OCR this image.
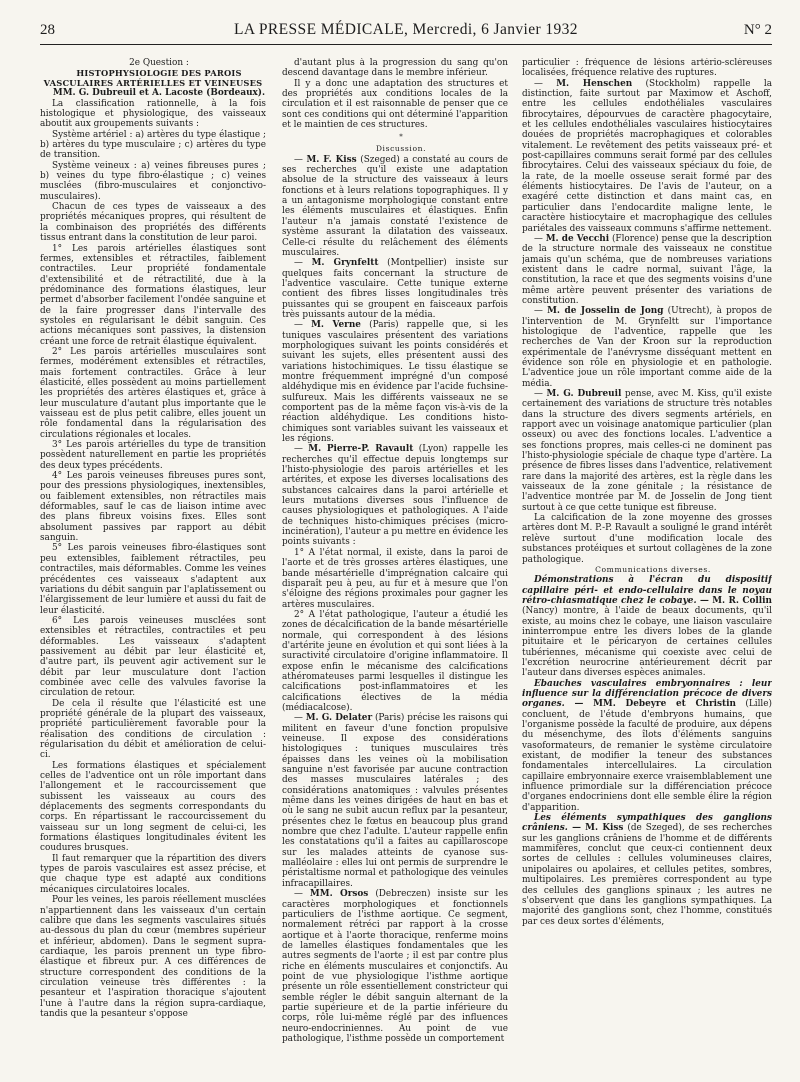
28	LA PRESSE MÉDICALE, Mercredi, 6 Janvier 1932	N° 2

2e Question :

HISTOPHYSIOLOGIE DES PAROIS VASCULAIRES ARTÉRIELLES ET VEINEUSES

MM. G. Dubreuil et A. Lacoste (Bordeaux).

La classification rationnelle, à la fois histologique et physiologique, des vaisseaux aboutit aux groupements suivants :

Système artériel : a) artères du type élastique ; b) artères du type musculaire ; c) artères du type de transition.

Système veineux : a) veines fibreuses pures ; b) veines du type fibro-élastique ; c) veines musclées (fibro-musculaires et conjonctivo-musculaires).

Chacun de ces types de vaisseaux a des propriétés mécaniques propres, qui résultent de la combinaison des propriétés des différents tissus entrant dans la constitution de leur paroi.

1° Les parois artérielles élastiques sont fermes, extensibles et rétractiles, faiblement contractiles. Leur propriété fondamentale d'extensibilité et de rétractilité, due à la prédominance des formations élastiques, leur permet d'absorber facilement l'ondée sanguine et de la faire progresser dans l'intervalle des systoles en régularisant le débit sanguin. Ces actions mécaniques sont passives, la distension créant une force de retrait élastique équivalent.

2° Les parois artérielles musculaires sont fermes, modérément extensibles et rétractiles, mais fortement contractiles. Grâce à leur élasticité, elles possèdent au moins partiellement les propriétés des artères élastiques et, grâce à leur musculature d'autant plus importante que le vaisseau est de plus petit calibre, elles jouent un rôle fondamental dans la régularisation des circulations régionales et locales.

3° Les parois artérielles du type de transition possèdent naturellement en partie les propriétés des deux types précédents.

4° Les parois veineuses fibreuses pures sont, pour des pressions physiologiques, inextensibles, ou faiblement extensibles, non rétractiles mais déformables, sauf le cas de liaison intime avec des plans fibreux voisins fixes. Elles sont absolument passives par rapport au débit sanguin.

5° Les parois veineuses fibro-élastiques sont peu extensibles, faiblement rétractiles, peu contractiles, mais déformables. Comme les veines précédentes ces vaisseaux s'adaptent aux variations du débit sanguin par l'aplatissement ou l'élargissement de leur lumière et aussi du fait de leur élasticité.

6° Les parois veineuses musclées sont extensibles et rétractiles, contractiles et peu déformables. Les vaisseaux s'adaptent passivement au débit par leur élasticité et, d'autre part, ils peuvent agir activement sur le débit par leur musculature dont l'action combinée avec celle des valvules favorise la circulation de retour.

De cela il résulte que l'élasticité est une propriété générale de la plupart des vaisseaux, propriété particulièrement favorable pour la réalisation des conditions de circulation : régularisation du débit et amélioration de celui-ci.

Les formations élastiques et spécialement celles de l'adventice ont un rôle important dans l'allongement et le raccourcissement que subissent les vaisseaux au cours des déplacements des segments correspondants du corps. En répartissant le raccourcissement du vaisseau sur un long segment de celui-ci, les formations élastiques longitudinales évitent les coudures brusques.

Il faut remarquer que la répartition des divers types de parois vasculaires est assez précise, et que chaque type est adapté aux conditions mécaniques circulatoires locales.

Pour les veines, les parois réellement musclées n'appartiennent dans les vaisseaux d'un certain calibre que dans les segments vasculaires situés au-dessous du plan du cœur (membres supérieur et inférieur, abdomen). Dans le segment supra-cardiaque, les parois prennent un type fibro-élastique et fibreux pur. A ces différences de structure correspondent des conditions de la circulation veineuse très différentes : la pesanteur et l'aspiration thoracique s'ajoutent l'une à l'autre dans la région supra-cardiaque, tandis que la pesanteur s'oppose

d'autant plus à la progression du sang qu'on descend davantage dans le membre inférieur.

Il y a donc une adaptation des structures et des propriétés aux conditions locales de la circulation et il est raisonnable de penser que ce sont ces conditions qui ont déterminé l'apparition et le maintien de ces structures.

*

Discussion.

— M. F. Kiss (Szeged) a constaté au cours de ses recherches qu'il existe une adaptation absolue de la structure des vaisseaux à leurs fonctions et à leurs relations topographiques. Il y a un antagonisme morphologique constant entre les éléments musculaires et élastiques. Enfin l'auteur n'a jamais constaté l'existence de système assurant la dilatation des vaisseaux. Celle-ci résulte du relâchement des éléments musculaires.

— M. Grynfeltt (Montpellier) insiste sur quelques faits concernant la structure de l'adventice vasculaire. Cette tunique externe contient des fibres lisses longitudinales très puissantes qui se groupent en faisceaux parfois très puissants autour de la média.

— M. Verne (Paris) rappelle que, si les tuniques vasculaires présentent des variations morphologiques suivant les points considérés et suivant les sujets, elles présentent aussi des variations histochimiques. Le tissu élastique se montre fréquemment imprégné d'un composé aldéhydique mis en évidence par l'acide fuchsine-sulfureux. Mais les différents vaisseaux ne se comportent pas de la même façon vis-à-vis de la réaction aldéhydique. Les conditions histo-chimiques sont variables suivant les vaisseaux et les régions.

— M. Pierre-P. Ravault (Lyon) rappelle les recherches qu'il effectue depuis longtemps sur l'histo-physiologie des parois artérielles et les artérites, et expose les diverses localisations des substances calcaires dans la paroi artérielle et leurs mutations diverses sous l'influence de causes physiologiques et pathologiques. A l'aide de techniques histo-chimiques précises (micro-incinération), l'auteur a pu mettre en évidence les points suivants :

1° A l'état normal, il existe, dans la paroi de l'aorte et de très grosses artères élastiques, une bande mésartérielle d'imprégnation calcaire qui disparaît peu à peu, au fur et à mesure que l'on s'éloigne des régions proximales pour gagner les artères musculaires.

2° A l'état pathologique, l'auteur a étudié les zones de décalcification de la bande mésartérielle normale, qui correspondent à des lésions d'artérite jeune en évolution et qui sont liées à la suractivité circulatoire d'origine inflammatoire. Il expose enfin le mécanisme des calcifications athéromateuses parmi lesquelles il distingue les calcifications post-inflammatoires et les calcifications électives de la média (médiacalcose).

— M. G. Delater (Paris) précise les raisons qui militent en faveur d'une fonction propulsive veineuse. Il expose des considérations histologiques : tuniques musculaires très épaisses dans les veines où la mobilisation sanguine n'est favorisée par aucune contraction des masses musculaires latérales ; des considérations anatomiques : valvules présentes même dans les veines dirigées de haut en bas et où le sang ne subit aucun reflux par la pesanteur, présentes chez le fœtus en beaucoup plus grand nombre que chez l'adulte. L'auteur rappelle enfin les constatations qu'il a faites au capillaroscope sur les malades atteints de cyanose sus-malléolaire : elles lui ont permis de surprendre le péristaltisme normal et pathologique des veinules infracapillaires.

— MM. Orsos (Debreczen) insiste sur les caractères morphologiques et fonctionnels particuliers de l'isthme aortique. Ce segment, normalement rétréci par rapport à la crosse aortique et à l'aorte thoracique, renferme moins de lamelles élastiques fondamentales que les autres segments de l'aorte ; il est par contre plus riche en éléments musculaires et conjonctifs. Au point de vue physiologique l'isthme aortique présente un rôle essentiellement constricteur qui semble régler le débit sanguin alternant de la partie supérieure et de la partie inférieure du corps, rôle lui-même réglé par des influences neuro-endocriniennes. Au point de vue pathologique, l'isthme possède un comportement

particulier : fréquence de lésions artério-scléreuses localisées, fréquence relative des ruptures.

— M. Henschen (Stockholm) rappelle la distinction, faite surtout par Maximow et Aschoff, entre les cellules endothéliales vasculaires fibrocytaires, dépourvues de caractère phagocytaire, et les cellules endothéliales vasculaires histiocytaires douées de propriétés macrophagiques et colorables vitalement. Le revêtement des petits vaisseaux pré- et post-capillaires communs serait formé par des cellules fibrocytaires. Celui des vaisseaux spéciaux du foie, de la rate, de la moelle osseuse serait formé par des éléments histiocytaires. De l'avis de l'auteur, on a exagéré cette distinction et dans maint cas, en particulier dans l'endocardite maligne lente, le caractère histiocytaire et macrophagique des cellules pariétales des vaisseaux communs s'affirme nettement.

— M. de Vecchi (Florence) pense que la description de la structure normale des vaisseaux ne constitue jamais qu'un schéma, que de nombreuses variations existent dans le cadre normal, suivant l'âge, la constitution, la race et que des segments voisins d'une même artère peuvent présenter des variations de constitution.

— M. de Josselin de Jong (Utrecht), à propos de l'intervention de M. Grynfeltt sur l'importance histologique de l'adventice, rappelle que les recherches de Van der Kroon sur la reproduction expérimentale de l'anévrysme disséquant mettent en évidence son rôle en physiologie et en pathologie. L'adventice joue un rôle important comme aide de la média.

— M. G. Dubreuil pense, avec M. Kiss, qu'il existe certainement des variations de structure très notables dans la structure des divers segments artériels, en rapport avec un voisinage anatomique particulier (plan osseux) ou avec des fonctions locales. L'adventice a ses fonctions propres, mais celles-ci ne dominent pas l'histo-physiologie spéciale de chaque type d'artère. La présence de fibres lisses dans l'adventice, relativement rare dans la majorité des artères, est la règle dans les vaisseaux de la zone génitale ; la résistance de l'adventice montrée par M. de Josselin de Jong tient surtout à ce que cette tunique est fibreuse.

La calcification de la zone moyenne des grosses artères dont M. P.-P. Ravault a souligné le grand intérêt relève surtout d'une modification locale des substances protéiques et surtout collagènes de la zone pathologique.

Communications diverses.

Démonstrations à l'écran du dispositif capillaire péri- et endo-cellulaire dans le noyau rétro-chiasmatique chez le cobaye. — M. R. Collin (Nancy) montre, à l'aide de beaux documents, qu'il existe, au moins chez le cobaye, une liaison vasculaire ininterrompue entre les divers lobes de la glande pituitaire et le péricaryon de certaines cellules tubériennes, mécanisme qui coexiste avec celui de l'excrétion neurocrine antérieurement décrit par l'auteur dans diverses espèces animales.

Ebauches vasculaires embryonnaires : leur influence sur la différenciation précoce de divers organes. — MM. Debeyre et Christin (Lille) concluent, de l'étude d'embryons humains, que l'organisme possède la faculté de produire, aux dépens du mésenchyme, des îlots d'éléments sanguins vasoformateurs, de remanier le système circulatoire existant, de modifier la teneur des substances fondamentales intercellulaires. La circulation capillaire embryonnaire exerce vraisemblablement une influence primordiale sur la différenciation précoce d'organes endocriniens dont elle semble élire la région d'apparition.

Les éléments sympathiques des ganglions crâniens. — M. Kiss (de Szeged), de ses recherches sur les ganglions crâniens de l'homme et de différents mammifères, conclut que ceux-ci contiennent deux sortes de cellules : cellules volumineuses claires, unipolaires ou apolaires, et cellules petites, sombres, multipolaires. Les premières correspondent au type des cellules des ganglions spinaux ; les autres ne s'observent que dans les ganglions sympathiques. La majorité des ganglions sont, chez l'homme, constitués par ces deux sortes d'éléments,
